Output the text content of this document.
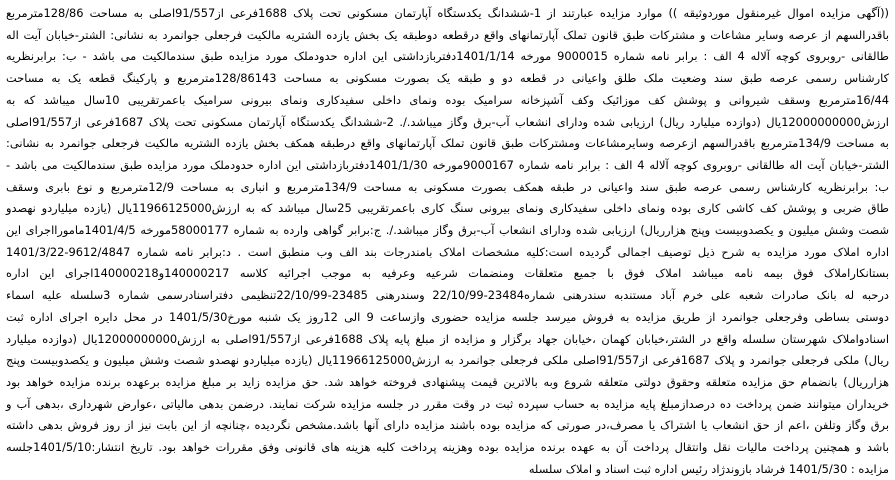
((آگهی مزایده اموال غیرمنقول موردوثیقه )) موارد مزایده عبارتند از 1-ششدانگ یکدستگاه آپارتمان مسکونی تحت پلاک 1688فرعی از91/557اصلی به مساحت 128/86مترمربع
باقدرالسهم از عرصه وسایر مشاعات و مشترکات طبق قانون تملک آپارتمانهای واقع درقطعه دوطبقه یک بخش یازده الشتریه مالکیت فرجعلی جوانمرد به نشانی: الشتر-خیابان آیت اله
طالقانی -روبروی کوچه آلاله 4 الف : برابر نامه شماره 9000015 مورخه 1401/1/14دفتربازداشتی این اداره حدودملک مورد مزایده طبق سندمالکیت می باشد - ب: برابرنظریه
کارشناس رسمی عرصه طبق سند وضعیت ملک طلق واعیانی در قطعه دو و طبقه یک بصورت مسکونی به مساحت 128/86143مترمربع و پارکینگ قطعه یک به مساحت
16/44مترمربع وسقف شیروانی و پوشش کف موزائیک وکف آشپزخانه سرامیک بوده ونمای داخلی سفیدکاری ونمای بیرونی سرامیک باعمرتقریبی 10سال میباشد که به
ارزش12000000000یال (دوازده میلیارد ریال) ارزیابی شده ودارای انشعاب آب-برق وگاز میباشد./. 2-ششدانگ یکدستگاه آپارتمان مسکونی تحت پلاک 1687فرعی از91/557اصلی
به مساحت 134/9مترمربع باقدرالسهم ازعرصه وسایرمشاعات ومشترکات طبق قانون تملک آپارتمانهای واقع درطبقه همکف بخش یازده الشتریه مالکیت فرجعلی جوانمرد به نشانی:
الشتر-خیابان آیت اله طالقانی -روبروی کوچه آلاله 4 الف : برابر نامه شماره 9000167مورخه 1401/1/30دفتربازداشتی این اداره حدودملک مورد مزایده طبق سندمالکیت می باشد -
ب: برابرنظریه کارشناس رسمی عرصه طبق سند واعیانی در طبقه همکف بصورت مسکونی به مساحت 134/9مترمربع و انباری به مساحت 12/9مترمربع و نوع بابری وسقف
طاق ضربی و پوشش کف کاشی کاری بوده ونمای داخلی سفیدکاری ونمای بیرونی سنگ کاری باعمرتقریبی 25سال میباشد که به ارزش11966125000یال (یازده میلیاردو نهصدو
شصت وشش میلیون و یکصدوبیست وپنج هزارریال) ارزیابی شده ودارای انشعاب آب-برق وگاز میباشد./. ج:برابر گواهی وارده به شماره 58000177مورخه 1401/4/5مامورااجرای این
اداره املاک مورد مزایده به شرح ذیل توصیف اجمالی گردیده است:کلیه مشخصات املاک بامندرجات بند الف وب منطبق است . د:برابر نامه شماره 9612/4847-1401/3/22
بستانکاراملاک فوق بیمه نامه میباشد املاک فوق با جمیع متعلقات ومنضمات شرعیه وعرفیه به موجب اجرائیه کلاسه 140000217و140000218اجرای این اداره
درحبه له بانک صادرات شعبه علی خرم آباد مستندبه سندرهنی شماره23484-22/10/99 وسندرهنی 23485-22/10/99تنظیمی دفتراسنادرسمی شماره 3سلسله علیه اسماء
دوستی بساطی وفرجعلی جوانمرد از طریق مزایده به فروش میرسد جلسه مزایده حضوری وازساعت 9 الی 12روز یک شنبه مورخ1401/5/30 در محل دایره اجرای اداره ثبت
اسنادواملاک شهرستان سلسله واقع در الشتر،خیابان کهمان ،خیابان جهاد برگزار و مزایده از مبلغ پایه پلاک 1688فرعی از91/557اصلی به ارزش12000000000یال (دوازده میلیارد
ریال) ملکی فرجعلی جوانمرد و پلاک 1687فرعی از91/557اصلی ملکی فرجعلی جوانمرد به ارزش11966125000یال (یازده میلیاردو نهصدو شصت وشش میلیون و یکصدوبیست وپنج
هزارریال) بانضمام حق مزایده متعلقه وحقوق دولتی متعلقه شروع وبه بالاترین قیمت پیشنهادی فروخته خواهد شد. حق مزایده زاید بر مبلغ مزایده برعهده برنده مزایده خواهد بود
خریداران میتوانند ضمن پرداخت ده درصدازمبلغ پایه مزایده به حساب سپرده ثبت در وقت مقرر در جلسه مزایده شرکت نمایند. درضمن بدهی مالیاتی ،عوارض شهرداری ،بدهی آب و
برق وگاز وتلفن ،اعم از حق انشعاب یا اشتراک یا مصرف،در صورتی که مزایده بوده باشند مزایده دارای آنها باشد.مشخص نگردیده ،چنانچه از این بابت نیز از روز فروش بدهی داشته
باشد و همچنین پرداخت مالیات نقل وانتقال پرداخت آن به عهده برنده مزایده بوده وهزینه پرداخت کلیه هزینه های قانونی وفق مقررات خواهد بود. تاریخ انتشار:1401/5/10جلسه
مزایده : 1401/5/30 فرشاد بازوندژاد رئیس اداره ثبت اسناد و املاک سلسله
